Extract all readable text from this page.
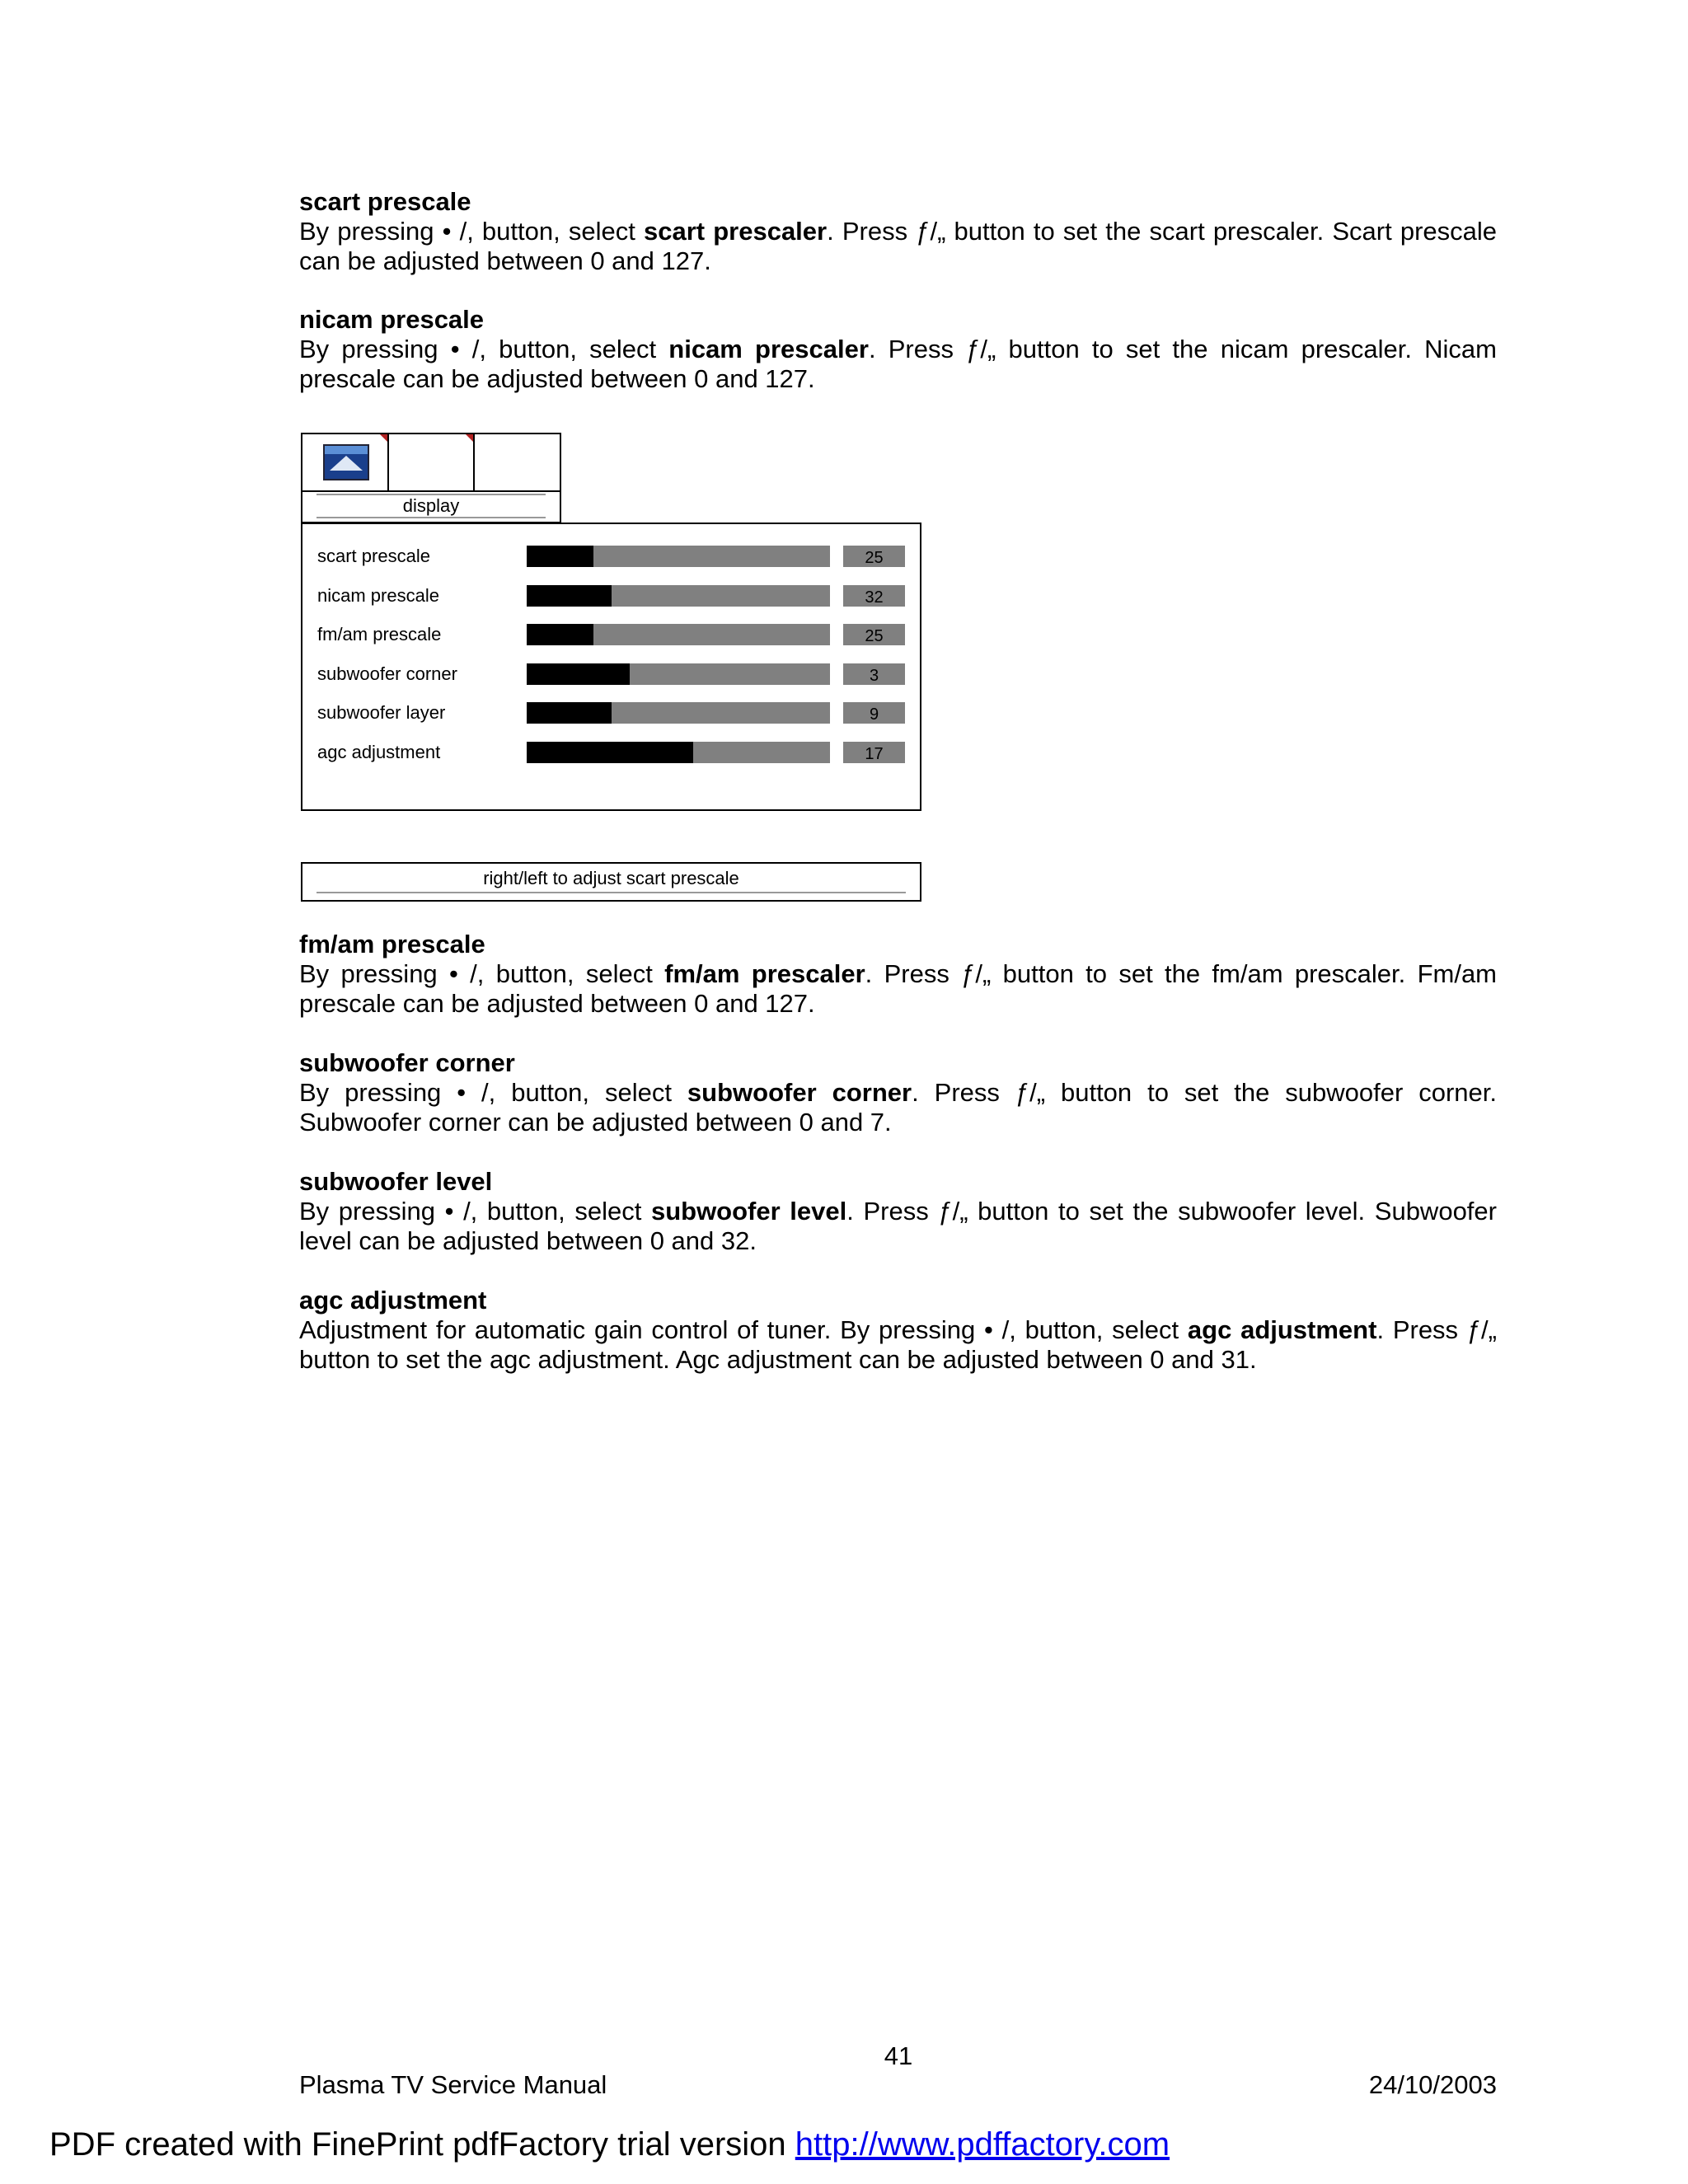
scart prescale

By pressing • /, button, select scart prescaler. Press ƒ/„ button to set the scart prescaler. Scart prescale can be adjusted between 0 and 127.

nicam prescale

By pressing • /, button, select nicam prescaler. Press ƒ/„ button to set the nicam prescaler. Nicam prescale can be adjusted between 0 and 127.

display
scart prescale	25
nicam prescale	32
fm/am prescale	25
subwoofer corner	3
subwoofer layer	9
agc adjustment	17
right/left to adjust scart prescale
fm/am prescale

By pressing • /, button, select fm/am prescaler. Press ƒ/„ button to set the fm/am prescaler. Fm/am prescale can be adjusted between 0 and 127.

subwoofer corner

By pressing • /, button, select subwoofer corner. Press ƒ/„ button to set the subwoofer corner. Subwoofer corner can be adjusted between 0 and 7.

subwoofer level

By pressing • /, button, select subwoofer level. Press ƒ/„ button to set the subwoofer level. Subwoofer level can be adjusted between 0 and 32.

agc adjustment

Adjustment for automatic gain control of tuner. By pressing • /, button, select agc adjustment. Press ƒ/„ button to set the agc adjustment. Agc adjustment can be adjusted between 0 and 31.

41
Plasma TV Service Manual	24/10/2003
PDF created with FinePrint pdfFactory trial version http://www.pdffactory.com
